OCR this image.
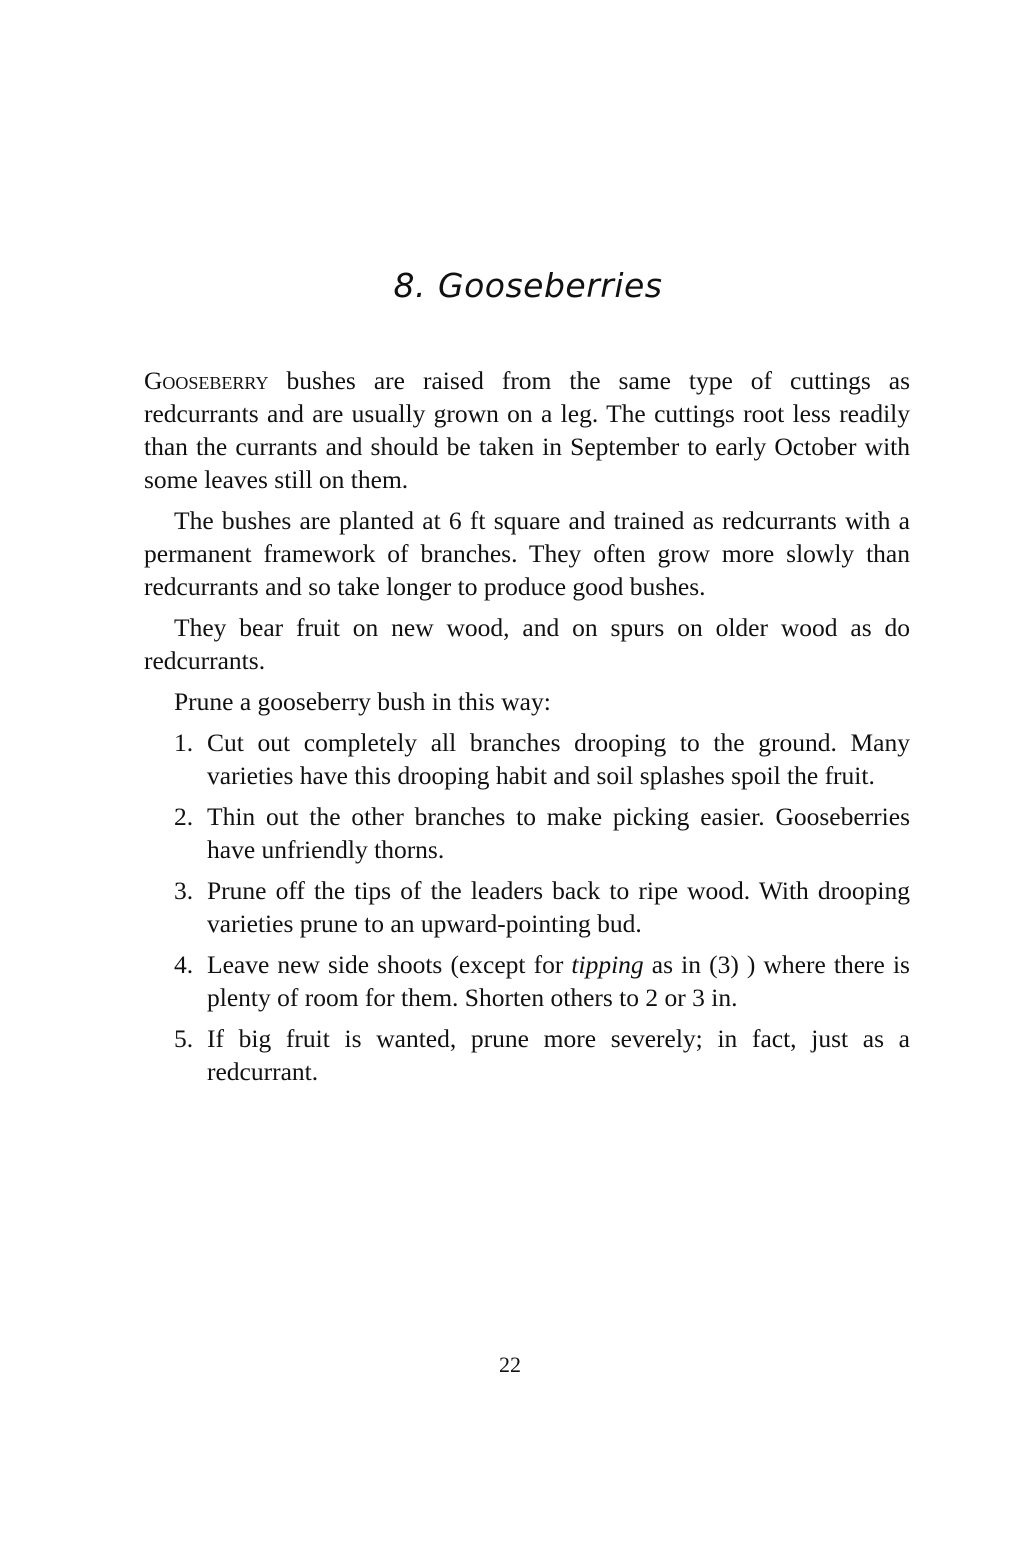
8. Gooseberries

Gooseberry bushes are raised from the same type of cuttings as redcurrants and are usually grown on a leg. The cuttings root less readily than the currants and should be taken in September to early October with some leaves still on them.

The bushes are planted at 6 ft square and trained as redcurrants with a permanent framework of branches. They often grow more slowly than redcurrants and so take longer to produce good bushes.

They bear fruit on new wood, and on spurs on older wood as do redcurrants.

Prune a gooseberry bush in this way:

1. Cut out completely all branches drooping to the ground. Many varieties have this drooping habit and soil splashes spoil the fruit.
2. Thin out the other branches to make picking easier. Gooseberries have unfriendly thorns.
3. Prune off the tips of the leaders back to ripe wood. With drooping varieties prune to an upward-pointing bud.
4. Leave new side shoots (except for tipping as in (3) ) where there is plenty of room for them. Shorten others to 2 or 3 in.
5. If big fruit is wanted, prune more severely; in fact, just as a redcurrant.
22
